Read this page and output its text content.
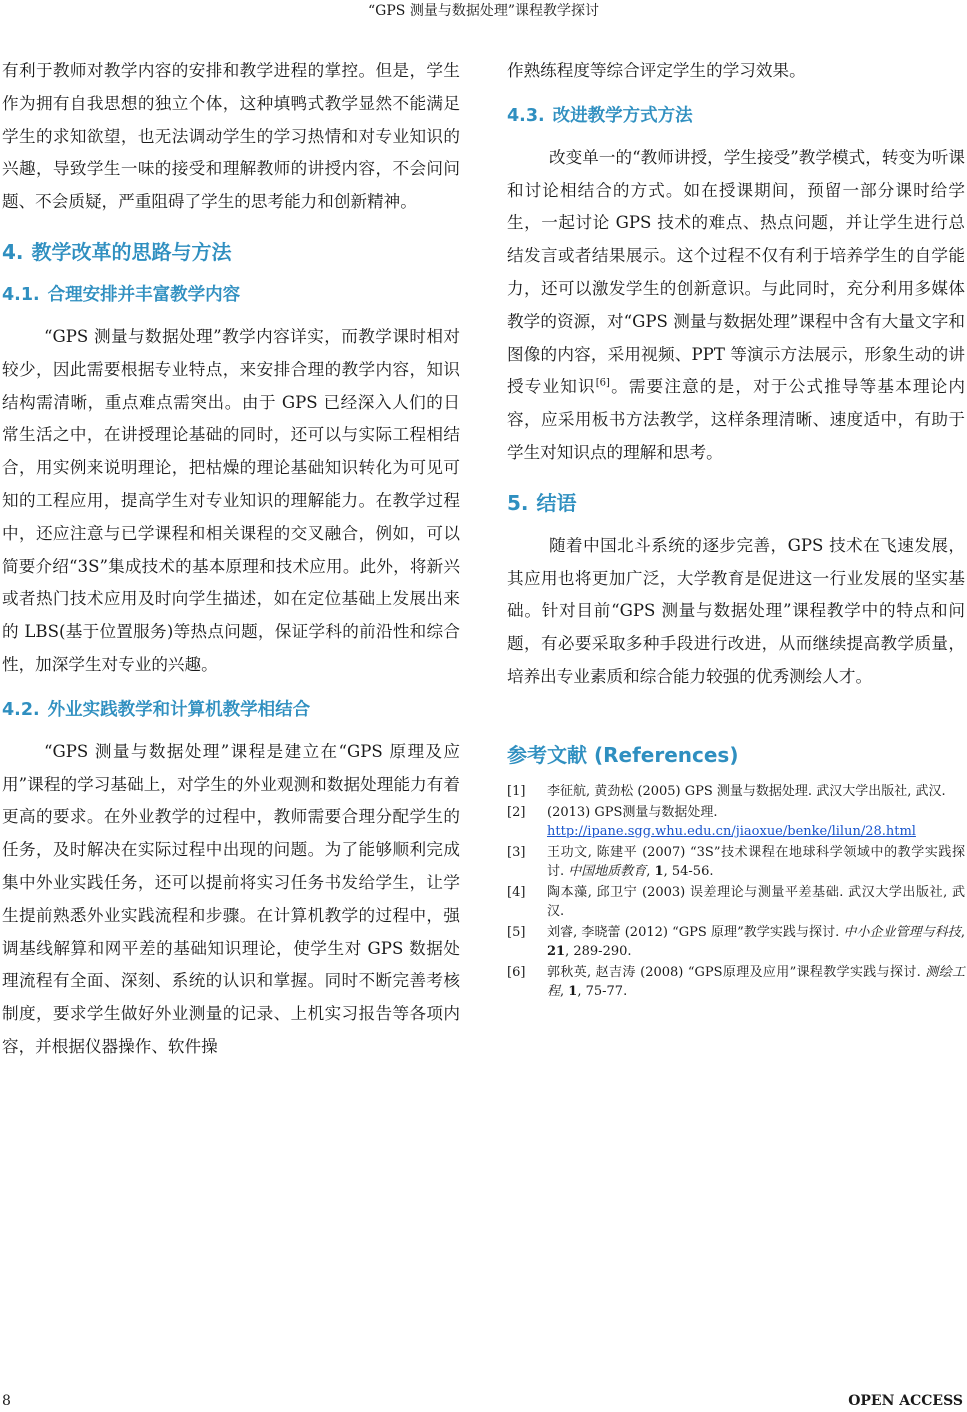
“GPS 测量与数据处理”课程教学探讨

有利于教师对教学内容的安排和教学进程的掌控。但是，学生作为拥有自我思想的独立个体，这种填鸭式教学显然不能满足学生的求知欲望，也无法调动学生的学习热情和对专业知识的兴趣，导致学生一味的接受和理解教师的讲授内容，不会问问题、不会质疑，严重阻碍了学生的思考能力和创新精神。

4. 教学改革的思路与方法
4.1. 合理安排并丰富教学内容

“GPS 测量与数据处理”教学内容详实，而教学课时相对较少，因此需要根据专业特点，来安排合理的教学内容，知识结构需清晰，重点难点需突出。由于 GPS 已经深入人们的日常生活之中，在讲授理论基础的同时，还可以与实际工程相结合，用实例来说明理论，把枯燥的理论基础知识转化为可见可知的工程应用，提高学生对专业知识的理解能力。在教学过程中，还应注意与已学课程和相关课程的交叉融合，例如，可以简要介绍“3S”集成技术的基本原理和技术应用。此外，将新兴或者热门技术应用及时向学生描述，如在定位基础上发展出来的 LBS(基于位置服务)等热点问题，保证学科的前沿性和综合性，加深学生对专业的兴趣。

4.2. 外业实践教学和计算机教学相结合

“GPS 测量与数据处理”课程是建立在“GPS 原理及应用”课程的学习基础上，对学生的外业观测和数据处理能力有着更高的要求。在外业教学的过程中，教师需要合理分配学生的任务，及时解决在实际过程中出现的问题。为了能够顺利完成集中外业实践任务，还可以提前将实习任务书发给学生，让学生提前熟悉外业实践流程和步骤。在计算机教学的过程中，强调基线解算和网平差的基础知识理论，使学生对 GPS 数据处理流程有全面、深刻、系统的认识和掌握。同时不断完善考核制度，要求学生做好外业测量的记录、上机实习报告等各项内容，并根据仪器操作、软件操

作熟练程度等综合评定学生的学习效果。

4.3. 改进教学方式方法

改变单一的“教师讲授，学生接受”教学模式，转变为听课和讨论相结合的方式。如在授课期间，预留一部分课时给学生，一起讨论 GPS 技术的难点、热点问题，并让学生进行总结发言或者结果展示。这个过程不仅有利于培养学生的自学能力，还可以激发学生的创新意识。与此同时，充分利用多媒体教学的资源，对“GPS 测量与数据处理”课程中含有大量文字和图像的内容，采用视频、PPT 等演示方法展示，形象生动的讲授专业知识[6]。需要注意的是，对于公式推导等基本理论内容，应采用板书方法教学，这样条理清晰、速度适中，有助于学生对知识点的理解和思考。

5. 结语

随着中国北斗系统的逐步完善，GPS 技术在飞速发展，其应用也将更加广泛，大学教育是促进这一行业发展的坚实基础。针对目前“GPS 测量与数据处理”课程教学中的特点和问题，有必要采取多种手段进行改进，从而继续提高教学质量，培养出专业素质和综合能力较强的优秀测绘人才。

参考文献 (References)
[1]	李征航, 黄劲松 (2005) GPS 测量与数据处理. 武汉大学出版社, 武汉.
[2]	(2013) GPS测量与数据处理.
http://ipane.sgg.whu.edu.cn/jiaoxue/benke/lilun/28.html
[3]	王功文, 陈建平 (2007) “3S”技术课程在地球科学领域中的教学实践探讨. 中国地质教育, 1, 54-56.
[4]	陶本藻, 邱卫宁 (2003) 误差理论与测量平差基础. 武汉大学出版社, 武汉.
[5]	刘睿, 李晓蕾 (2012) “GPS 原理”教学实践与探讨. 中小企业管理与科技, 21, 289-290.
[6]	郭秋英, 赵吉涛 (2008) “GPS原理及应用”课程教学实践与探讨. 测绘工程, 1, 75-77.
8	OPEN ACCESS
